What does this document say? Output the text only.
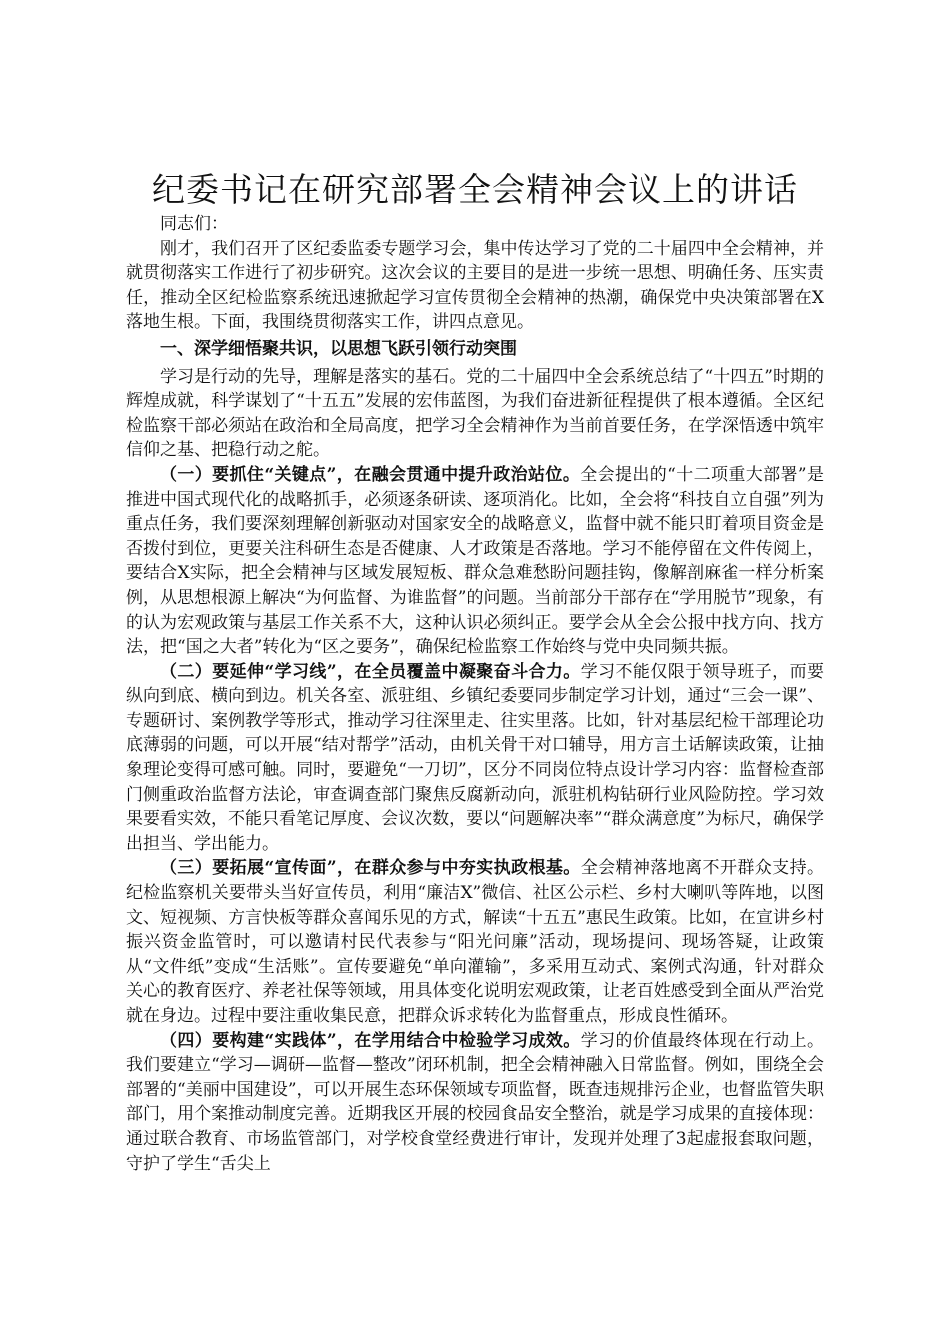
纪委书记在研究部署全会精神会议上的讲话

同志们：

刚才，我们召开了区纪委监委专题学习会，集中传达学习了党的二十届四中全会精神，并就贯彻落实工作进行了初步研究。这次会议的主要目的是进一步统一思想、明确任务、压实责任，推动全区纪检监察系统迅速掀起学习宣传贯彻全会精神的热潮，确保党中央决策部署在X落地生根。下面，我围绕贯彻落实工作，讲四点意见。

一、深学细悟聚共识，以思想飞跃引领行动突围

学习是行动的先导，理解是落实的基石。党的二十届四中全会系统总结了“十四五”时期的辉煌成就，科学谋划了“十五五”发展的宏伟蓝图，为我们奋进新征程提供了根本遵循。全区纪检监察干部必须站在政治和全局高度，把学习全会精神作为当前首要任务，在学深悟透中筑牢信仰之基、把稳行动之舵。

（一）要抓住“关键点”，在融会贯通中提升政治站位。全会提出的“十二项重大部署”是推进中国式现代化的战略抓手，必须逐条研读、逐项消化。比如，全会将“科技自立自强”列为重点任务，我们要深刻理解创新驱动对国家安全的战略意义，监督中就不能只盯着项目资金是否拨付到位，更要关注科研生态是否健康、人才政策是否落地。学习不能停留在文件传阅上，要结合X实际，把全会精神与区域发展短板、群众急难愁盼问题挂钩，像解剖麻雀一样分析案例，从思想根源上解决“为何监督、为谁监督”的问题。当前部分干部存在“学用脱节”现象，有的认为宏观政策与基层工作关系不大，这种认识必须纠正。要学会从全会公报中找方向、找方法，把“国之大者”转化为“区之要务”，确保纪检监察工作始终与党中央同频共振。

（二）要延伸“学习线”，在全员覆盖中凝聚奋斗合力。学习不能仅限于领导班子，而要纵向到底、横向到边。机关各室、派驻组、乡镇纪委要同步制定学习计划，通过“三会一课”、专题研讨、案例教学等形式，推动学习往深里走、往实里落。比如，针对基层纪检干部理论功底薄弱的问题，可以开展“结对帮学”活动，由机关骨干对口辅导，用方言土话解读政策，让抽象理论变得可感可触。同时，要避免“一刀切”，区分不同岗位特点设计学习内容：监督检查部门侧重政治监督方法论，审查调查部门聚焦反腐新动向，派驻机构钻研行业风险防控。学习效果要看实效，不能只看笔记厚度、会议次数，要以“问题解决率”“群众满意度”为标尺，确保学出担当、学出能力。

（三）要拓展“宣传面”，在群众参与中夯实执政根基。全会精神落地离不开群众支持。纪检监察机关要带头当好宣传员，利用“廉洁X”微信、社区公示栏、乡村大喇叭等阵地，以图文、短视频、方言快板等群众喜闻乐见的方式，解读“十五五”惠民生政策。比如，在宣讲乡村振兴资金监管时，可以邀请村民代表参与“阳光问廉”活动，现场提问、现场答疑，让政策从“文件纸”变成“生活账”。宣传要避免“单向灌输”，多采用互动式、案例式沟通，针对群众关心的教育医疗、养老社保等领域，用具体变化说明宏观政策，让老百姓感受到全面从严治党就在身边。过程中要注重收集民意，把群众诉求转化为监督重点，形成良性循环。

（四）要构建“实践体”，在学用结合中检验学习成效。学习的价值最终体现在行动上。我们要建立“学习—调研—监督—整改”闭环机制，把全会精神融入日常监督。例如，围绕全会部署的“美丽中国建设”，可以开展生态环保领域专项监督，既查违规排污企业，也督监管失职部门，用个案推动制度完善。近期我区开展的校园食品安全整治，就是学习成果的直接体现：通过联合教育、市场监管部门，对学校食堂经费进行审计，发现并处理了3起虚报套取问题，守护了学生“舌尖上
